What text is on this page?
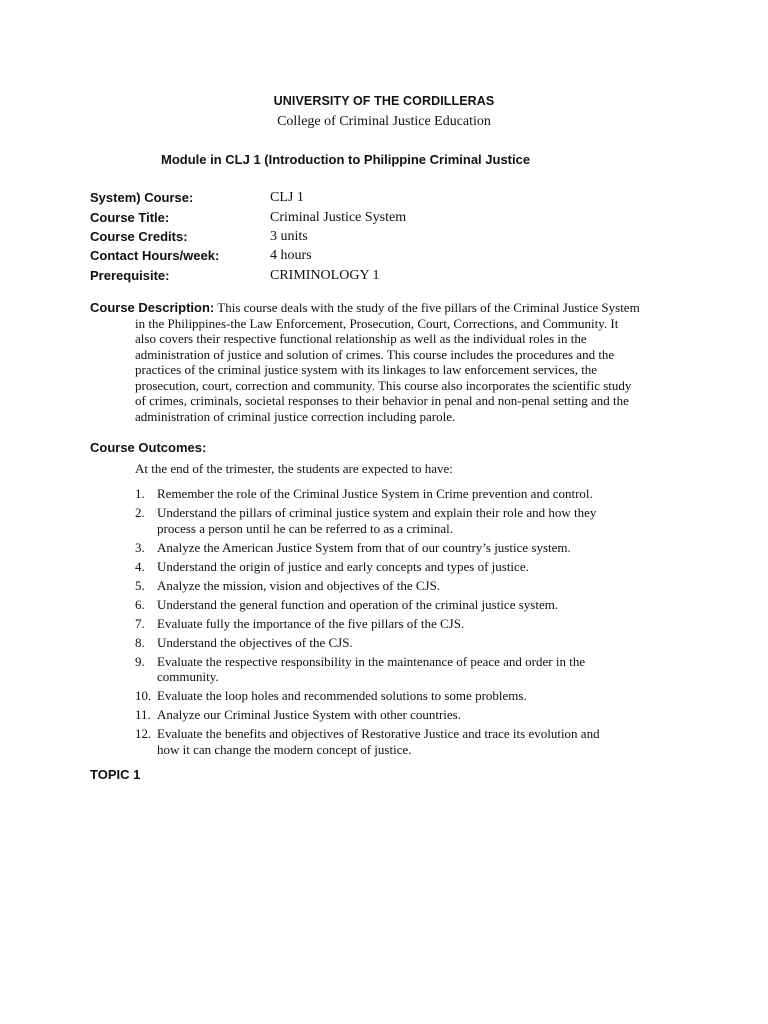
UNIVERSITY OF THE CORDILLERAS
College of Criminal Justice Education
Module in CLJ 1 (Introduction to Philippine Criminal Justice
System) Course:	CLJ 1
Course Title:	Criminal Justice System
Course Credits:	3 units
Contact Hours/week:	4 hours
Prerequisite:	CRIMINOLOGY 1
Course Description: This course deals with the study of the five pillars of the Criminal Justice System
in the Philippines-the Law Enforcement, Prosecution, Court, Corrections, and Community. It
also covers their respective functional relationship as well as the individual roles in the
administration of justice and solution of crimes. This course includes the procedures and the
practices of the criminal justice system with its linkages to law enforcement services, the
prosecution, court, correction and community. This course also incorporates the scientific study
of crimes, criminals, societal responses to their behavior in penal and non-penal setting and the
administration of criminal justice correction including parole.
Course Outcomes:
At the end of the trimester, the students are expected to have:
1. Remember the role of the Criminal Justice System in Crime prevention and control.
2. Understand the pillars of criminal justice system and explain their role and how they
process a person until he can be referred to as a criminal.
3. Analyze the American Justice System from that of our country’s justice system.
4. Understand the origin of justice and early concepts and types of justice.
5. Analyze the mission, vision and objectives of the CJS.
6. Understand the general function and operation of the criminal justice system.
7. Evaluate fully the importance of the five pillars of the CJS.
8. Understand the objectives of the CJS.
9. Evaluate the respective responsibility in the maintenance of peace and order in the
community.
10. Evaluate the loop holes and recommended solutions to some problems.
11. Analyze our Criminal Justice System with other countries.
12. Evaluate the benefits and objectives of Restorative Justice and trace its evolution and
how it can change the modern concept of justice.
TOPIC 1
